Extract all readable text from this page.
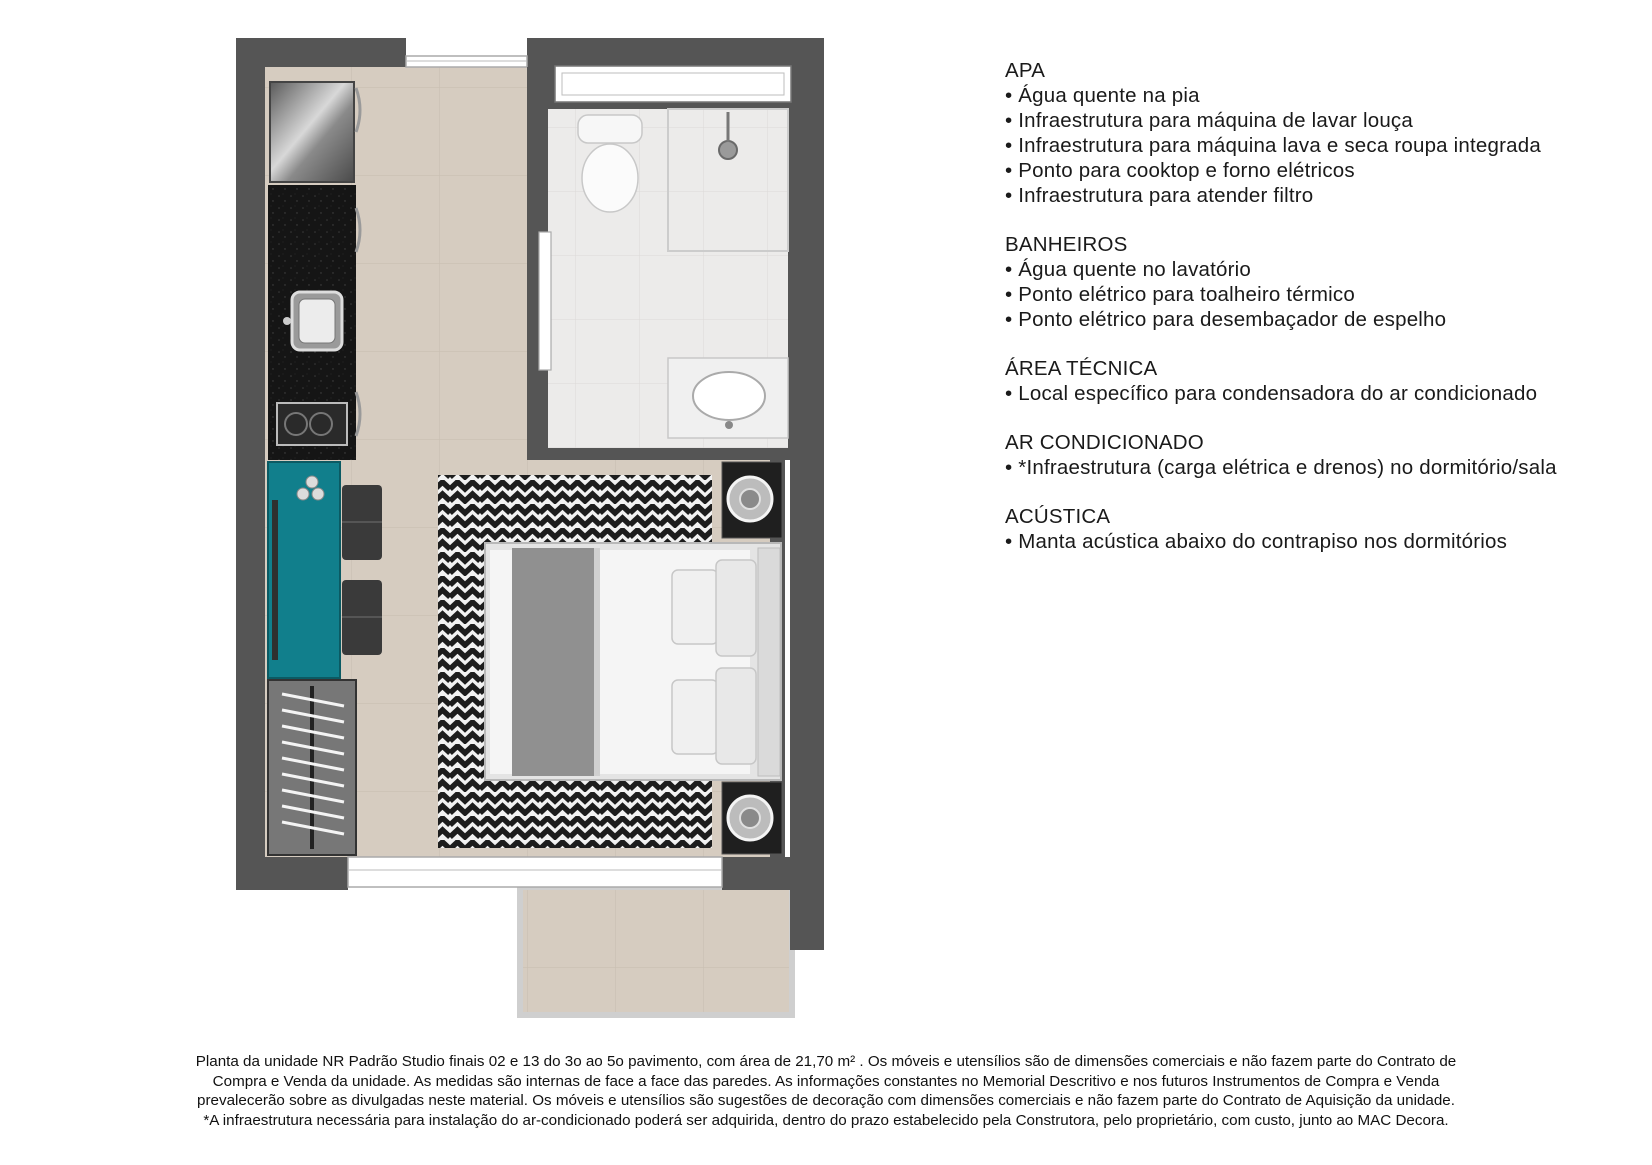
APA
• Água quente na pia
• Infraestrutura para máquina de lavar louça
• Infraestrutura para máquina lava e seca roupa integrada
• Ponto para cooktop e forno elétricos
• Infraestrutura para atender filtro
BANHEIROS
• Água quente no lavatório
• Ponto elétrico para toalheiro térmico
• Ponto elétrico para desembaçador de espelho
ÁREA TÉCNICA
• Local específico para condensadora do ar condicionado
AR CONDICIONADO
• *Infraestrutura (carga elétrica e drenos) no dormitório/sala
ACÚSTICA
• Manta acústica abaixo do contrapiso nos dormitórios

Planta da unidade NR Padrão Studio finais 02 e 13 do 3o ao 5o pavimento, com área de 21,70 m² . Os móveis e utensílios são de dimensões comerciais e não fazem parte do Contrato de

Compra e Venda da unidade. As medidas são internas de face a face das paredes. As informações constantes no Memorial Descritivo e nos futuros Instrumentos de Compra e Venda

prevalecerão sobre as divulgadas neste material. Os móveis e utensílios são sugestões de decoração com dimensões comerciais e não fazem parte do Contrato de Aquisição da unidade.

*A infraestrutura necessária para instalação do ar-condicionado poderá ser adquirida, dentro do prazo estabelecido pela Construtora, pelo proprietário, com custo, junto ao MAC Decora.
